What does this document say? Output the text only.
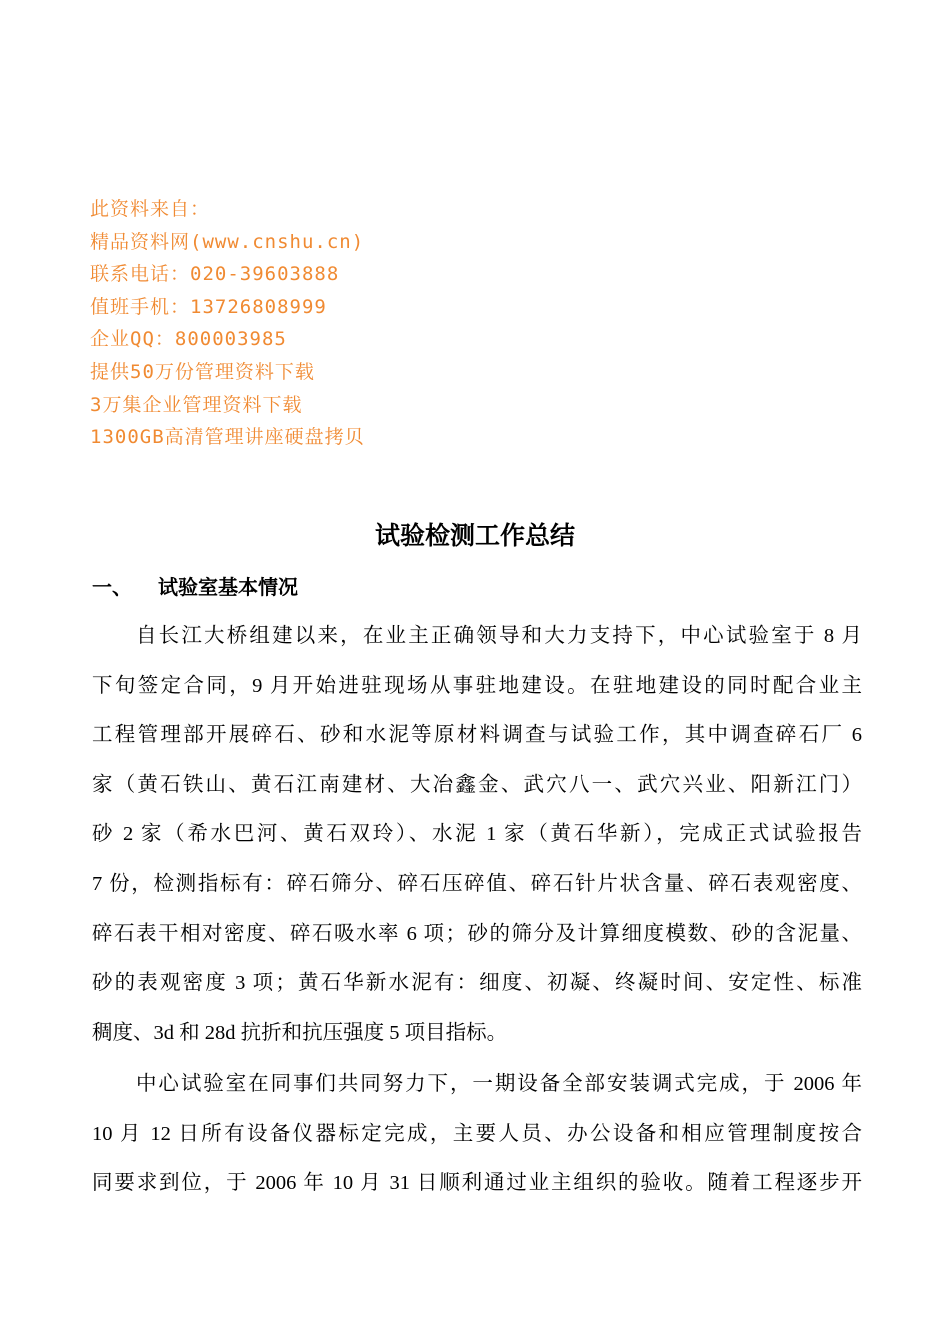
此资料来自：
精品资料网(www.cnshu.cn)
联系电话：020-39603888
值班手机：13726808999
企业QQ：800003985
提供50万份管理资料下载
3万集企业管理资料下载
1300GB高清管理讲座硬盘拷贝
试验检测工作总结
一、 试验室基本情况
自长江大桥组建以来，在业主正确领导和大力支持下，中心试验室于 8 月
下旬签定合同，9 月开始进驻现场从事驻地建设。在驻地建设的同时配合业主
工程管理部开展碎石、砂和水泥等原材料调查与试验工作，其中调查碎石厂 6
家（黄石铁山、黄石江南建材、大冶鑫金、武穴八一、武穴兴业、阳新江门）
砂 2 家（希水巴河、黄石双玲）、水泥 1 家（黄石华新），完成正式试验报告
7 份，检测指标有：碎石筛分、碎石压碎值、碎石针片状含量、碎石表观密度、
碎石表干相对密度、碎石吸水率 6 项；砂的筛分及计算细度模数、砂的含泥量、
砂的表观密度 3 项；黄石华新水泥有：细度、初凝、终凝时间、安定性、标准
稠度、3d 和 28d 抗折和抗压强度 5 项目指标。
中心试验室在同事们共同努力下，一期设备全部安装调式完成，于 2006 年
10 月 12 日所有设备仪器标定完成，主要人员、办公设备和相应管理制度按合
同要求到位，于 2006 年 10 月 31 日顺利通过业主组织的验收。随着工程逐步开
